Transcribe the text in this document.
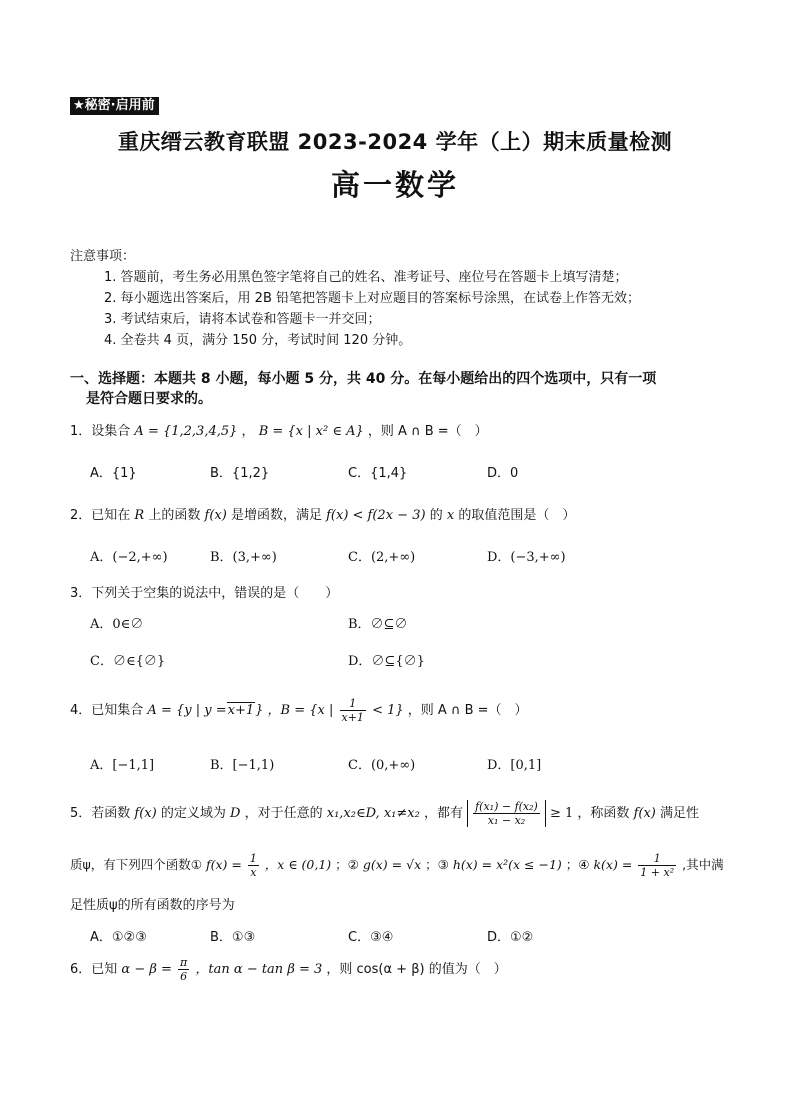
★秘密·启用前
重庆缙云教育联盟 2023-2024 学年（上）期末质量检测
高一数学
注意事项：
1. 答题前，考生务必用黑色签字笔将自己的姓名、准考证号、座位号在答题卡上填写清楚；
2. 每小题选出答案后，用 2B 铅笔把答题卡上对应题目的答案标号涂黑，在试卷上作答无效；
3. 考试结束后，请将本试卷和答题卡一并交回；
4. 全卷共 4 页，满分 150 分，考试时间 120 分钟。
一、选择题：本题共 8 小题，每小题 5 分，共 40 分。在每小题给出的四个选项中，只有一项
是符合题日要求的。
1．设集合 A = {1,2,3,4,5} ， B = {x | x² ∈ A} ，则 A ∩ B =（　）
A．{1}	B．{1,2}	C．{1,4}	D．0
2．已知在 R 上的函数 f(x) 是增函数，满足 f(x) < f(2x − 3) 的 x 的取值范围是（　）
A．(−2,+∞)	B．(3,+∞)	C．(2,+∞)	D．(−3,+∞)
3．下列关于空集的说法中，错误的是（　　）
A．0∈∅	B．∅⊆∅
C．∅∈{∅}	D．∅⊆{∅}
4．已知集合 A = {y | y =x+1} ，B = {x | $\frac{1}{x+1} < 1$} ，则 A ∩ B =（　）
A．[−1,1]	B．[−1,1)	C．(0,+∞)	D．[0,1]
5．若函数 f(x) 的定义域为 D ，对于任意的 x₁,x₂∈D, x₁≠x₂ ，都有 $\frac{\text{f(x₁) − f(x₂)}}{\text{x₁ − x₂}} \ge 1$ ，称函数 f(x) 满足性
质ψ，有下列四个函数① $f(x) = \frac{1}{x}$ ，x ∈ (0,1) ；② g(x) = √x ；③ h(x) = x²(x ≤ −1) ；④ $k(x) = \frac{1}{\text{1 + x²}}$ ,其中满
足性质ψ的所有函数的序号为
A．①②③	B．①③	C．③④	D．①②
6．已知 $\alpha - \beta = \frac{\pi}{6}$ ，tan α − tan β = 3 ，则 cos(α + β) 的值为（　）
